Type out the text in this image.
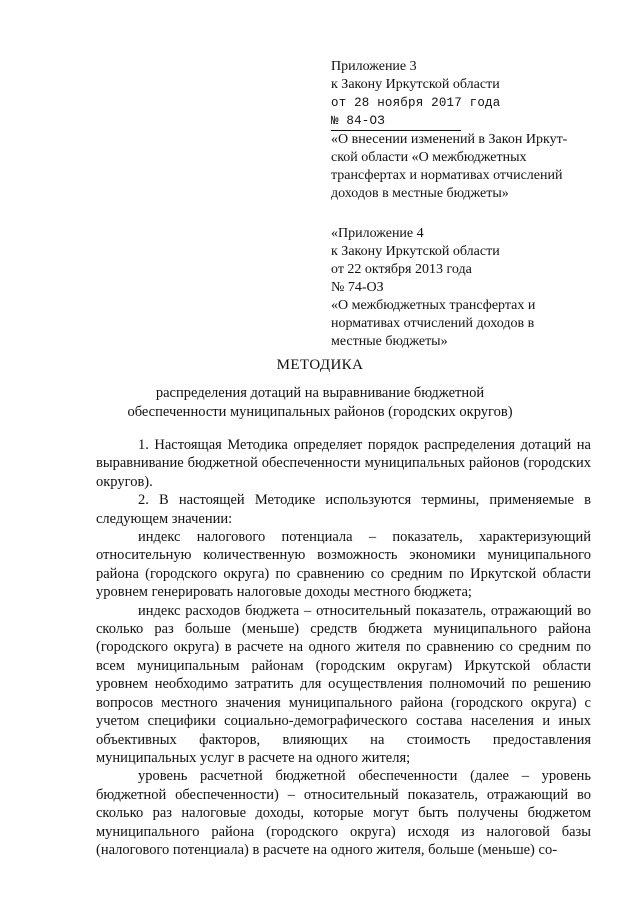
Приложение 3
к Закону Иркутской области
от 28 ноября 2017 года
№ 84-ОЗ
«О внесении изменений в Закон Иркут-
ской области «О межбюджетных
трансфертах и нормативах отчислений
доходов в местные бюджеты»
«Приложение 4
к Закону Иркутской области
от 22 октября 2013 года
№ 74-ОЗ
«О межбюджетных трансфертах и
нормативах отчислений доходов в
местные бюджеты»
МЕТОДИКА
распределения дотаций на выравнивание бюджетной
обеспеченности муниципальных районов (городских округов)

1. Настоящая Методика определяет порядок распределения дотаций на выравнивание бюджетной обеспеченности муниципальных районов (городских округов).

2. В настоящей Методике используются термины, применяемые в следующем значении:

индекс налогового потенциала – показатель, характеризующий относительную количественную возможность экономики муниципального района (городского округа) по сравнению со средним по Иркутской области уровнем генерировать налоговые доходы местного бюджета;

индекс расходов бюджета – относительный показатель, отражающий во сколько раз больше (меньше) средств бюджета муниципального района (городского округа) в расчете на одного жителя по сравнению со средним по всем муниципальным районам (городским округам) Иркутской области уровнем необходимо затратить для осуществления полномочий по решению вопросов местного значения муниципального района (городского округа) с учетом специфики социально-демографического состава населения и иных объективных факторов, влияющих на стоимость предоставления муниципальных услуг в расчете на одного жителя;

уровень расчетной бюджетной обеспеченности (далее – уровень бюджетной обеспеченности) – относительный показатель, отражающий во сколько раз налоговые доходы, которые могут быть получены бюджетом муниципального района (городского округа) исходя из налоговой базы (налогового потенциала) в расчете на одного жителя, больше (меньше) со-
